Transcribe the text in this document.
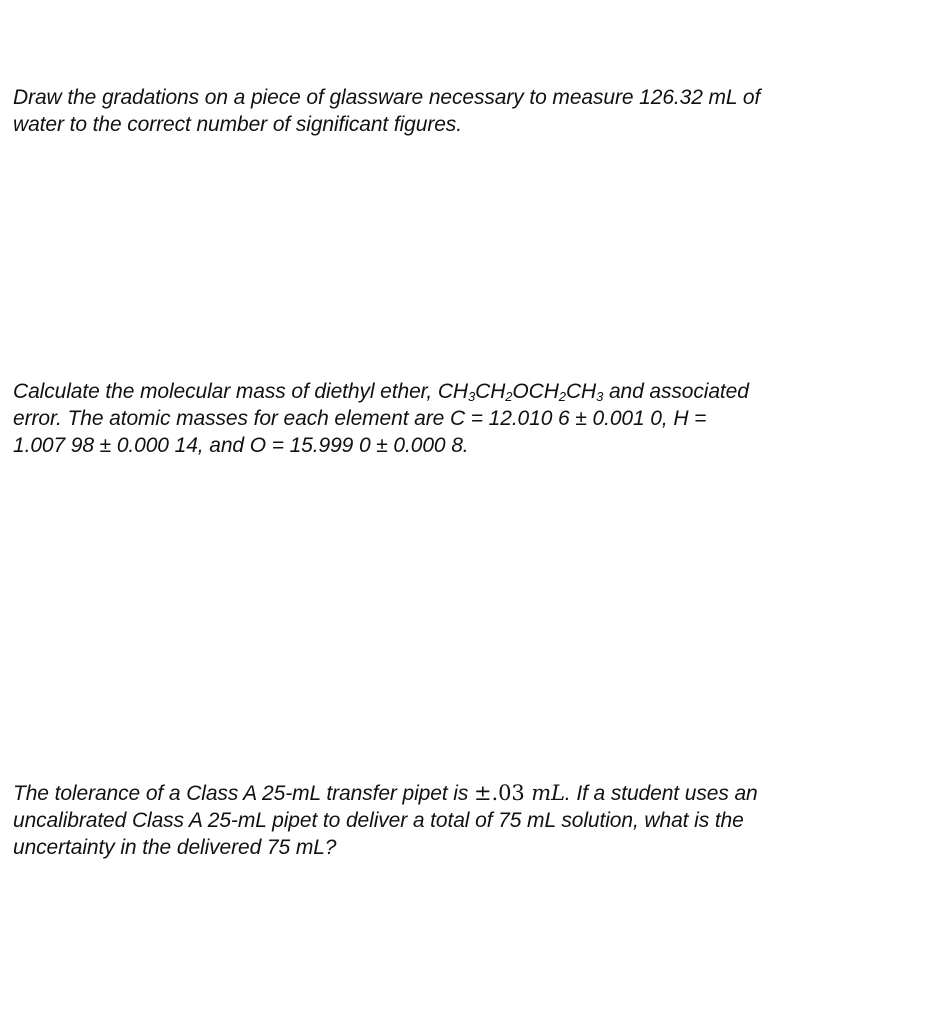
Draw the gradations on a piece of glassware necessary to measure 126.32 mL of
water to the correct number of significant figures.

Calculate the molecular mass of diethyl ether, $CH_3CH_2OCH_2CH_3$ and associated
error. The atomic masses for each element are C = 12.010 6 ± 0.001 0, H =
1.007 98 ± 0.000 14, and O = 15.999 0 ± 0.000 8.

The tolerance of a Class A 25-mL transfer pipet is ±.03 mL. If a student uses an
uncalibrated Class A 25-mL pipet to deliver a total of 75 mL solution, what is the
uncertainty in the delivered 75 mL?
